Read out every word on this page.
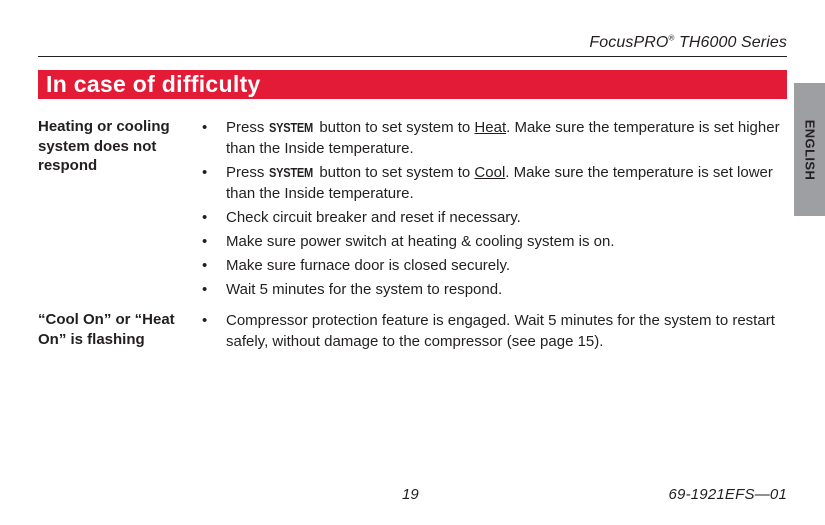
FocusPRO® TH6000 Series
In case of difficulty
ENGLISH
Heating or cooling system does not respond
• Press SYSTEM button to set system to Heat. Make sure the temperature is set higher than the Inside temperature.
• Press SYSTEM button to set system to Cool. Make sure the temperature is set lower than the Inside temperature.
• Check circuit breaker and reset if necessary.
• Make sure power switch at heating & cooling system is on.
• Make sure furnace door is closed securely.
• Wait 5 minutes for the system to respond.
“Cool On” or “Heat On” is flashing
• Compressor protection feature is engaged. Wait 5 minutes for the system to restart safely, without damage to the compressor (see page 15).
19	69-1921EFS—01
